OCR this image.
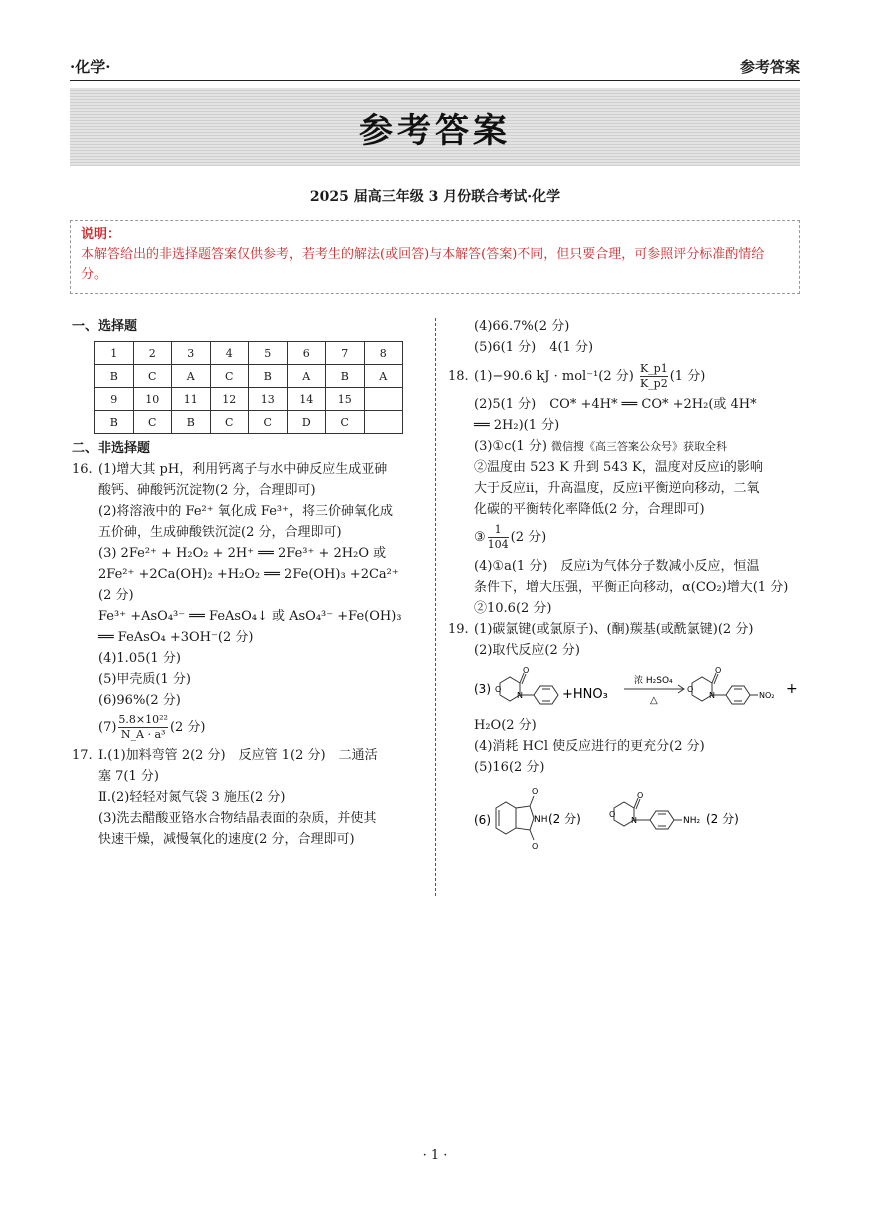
·化学·	参考答案
参考答案
2025 届高三年级 3 月份联合考试·化学
说明：
本解答给出的非选择题答案仅供参考，若考生的解法(或回答)与本解答(答案)不同，但只要合理，可参照评分标准酌情给分。
一、选择题
1	2	3	4	5	6	7	8
B	C	A	C	B	A	B	A
9	10	11	12	13	14	15	
B	C	B	C	C	D	C	
二、非选择题
16. (1)增大其 pH，利用钙离子与水中砷反应生成亚砷
酸钙、砷酸钙沉淀物(2 分，合理即可)
(2)将溶液中的 Fe²⁺ 氧化成 Fe³⁺，将三价砷氧化成
五价砷，生成砷酸铁沉淀(2 分，合理即可)
(3) 2Fe²⁺ + H₂O₂ + 2H⁺ ══ 2Fe³⁺ + 2H₂O 或
2Fe²⁺ +2Ca(OH)₂ +H₂O₂ ══ 2Fe(OH)₃ +2Ca²⁺
(2 分)
Fe³⁺ +AsO₄³⁻ ══ FeAsO₄↓ 或 AsO₄³⁻ +Fe(OH)₃
══ FeAsO₄ +3OH⁻(2 分)
(4)1.05(1 分)
(5)甲壳质(1 分)
(6)96%(2 分)
$(7) \frac{\text{5.8×10²²}}{\text{N\_A · a³}} (2$ 分)
17. Ⅰ.(1)加料弯管 2(2 分)　反应管 1(2 分)　二通活
塞 7(1 分)
Ⅱ.(2)轻轻对氮气袋 3 施压(2 分)
(3)洗去醋酸亚铬水合物结晶表面的杂质，并使其
快速干燥，减慢氧化的速度(2 分，合理即可)
(4)66.7%(2 分)
(5)6(1 分)　4(1 分)
18. (1)−90.6 kJ · mol⁻¹(2 分) $\frac{K\_p1}{K\_p2} (1$ 分)
(2)5(1 分)　CO* +4H* ══ CO* +2H₂(或 4H*
══ 2H₂)(1 分)
(3)①c(1 分) 微信搜《高三答案公众号》获取全科
②温度由 523 K 升到 543 K，温度对反应ⅰ的影响
大于反应ⅱ，升高温度，反应ⅰ平衡逆向移动，二氧
化碳的平衡转化率降低(2 分，合理即可)
③ $\frac{1}{104} (2$ 分)
(4)①a(1 分)　反应ⅰ为气体分子数减小反应，恒温
条件下，增大压强，平衡正向移动，α(CO₂)增大(1 分)
②10.6(2 分)
19. (1)碳氯键(或氯原子)、(酮)羰基(或酰氯键)(2 分)
(2)取代反应(2 分)
(3) O
O
N	+HNO₃
浓 H₂SO₄
△
O
O
N	NO₂ +
H₂O(2 分)
(4)消耗 HCl 使反应进行的更充分(2 分)
(5)16(2 分)
(6)
O
O
NH (2 分)	O
O
N	NH₂ (2 分)
· 1 ·
